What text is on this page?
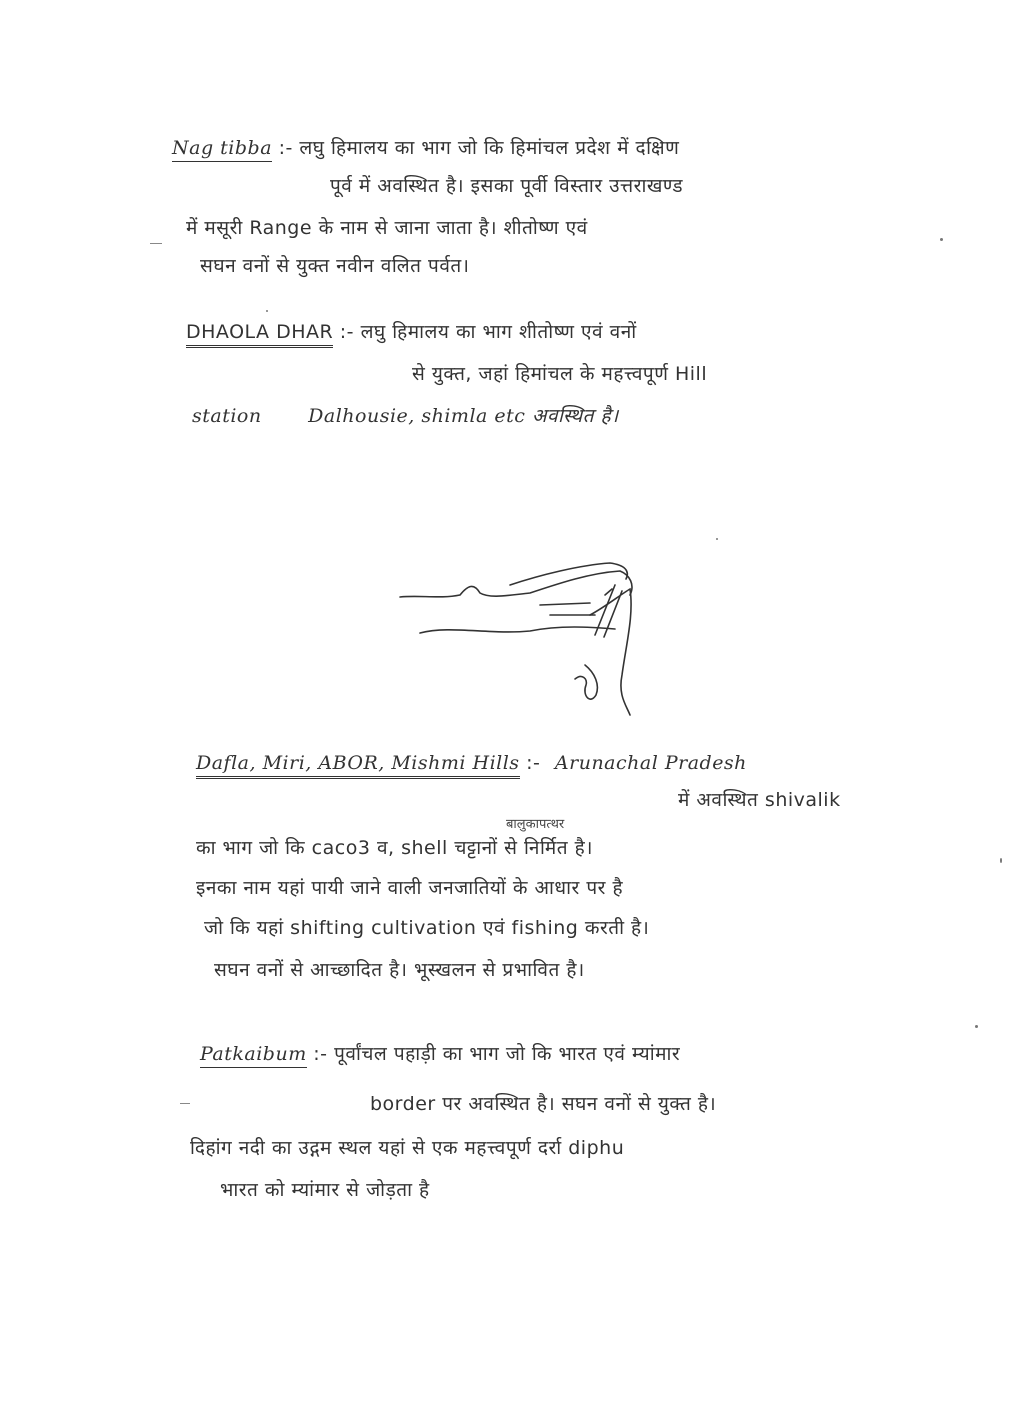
Nag tibba :- लघु हिमालय का भाग जो कि हिमांचल प्रदेश में दक्षिण
पूर्व में अवस्थित है। इसका पूर्वी विस्तार उत्तराखण्ड
में मसूरी Range के नाम से जाना जाता है। शीतोष्ण एवं
सघन वनों से युक्त नवीन वलित पर्वत।
DHAOLA DHAR :- लघु हिमालय का भाग शीतोष्ण एवं वनों
से युक्त, जहां हिमांचल के महत्त्वपूर्ण Hill
station Dalhousie, shimla etc अवस्थित है।
Dafla, Miri, ABOR, Mishmi Hills :- Arunachal Pradesh
में अवस्थित shivalik
बालुकापत्थर
का भाग जो कि caco3 व, shell चट्टानों से निर्मित है।
इनका नाम यहां पायी जाने वाली जनजातियों के आधार पर है
जो कि यहां shifting cultivation एवं fishing करती है।
सघन वनों से आच्छादित है। भूस्खलन से प्रभावित है।
Patkaibum :- पूर्वांचल पहाड़ी का भाग जो कि भारत एवं म्यांमार
border पर अवस्थित है। सघन वनों से युक्त है।
दिहांग नदी का उद्गम स्थल यहां से एक महत्त्वपूर्ण दर्रा diphu
भारत को म्यांमार से जोड़ता है
